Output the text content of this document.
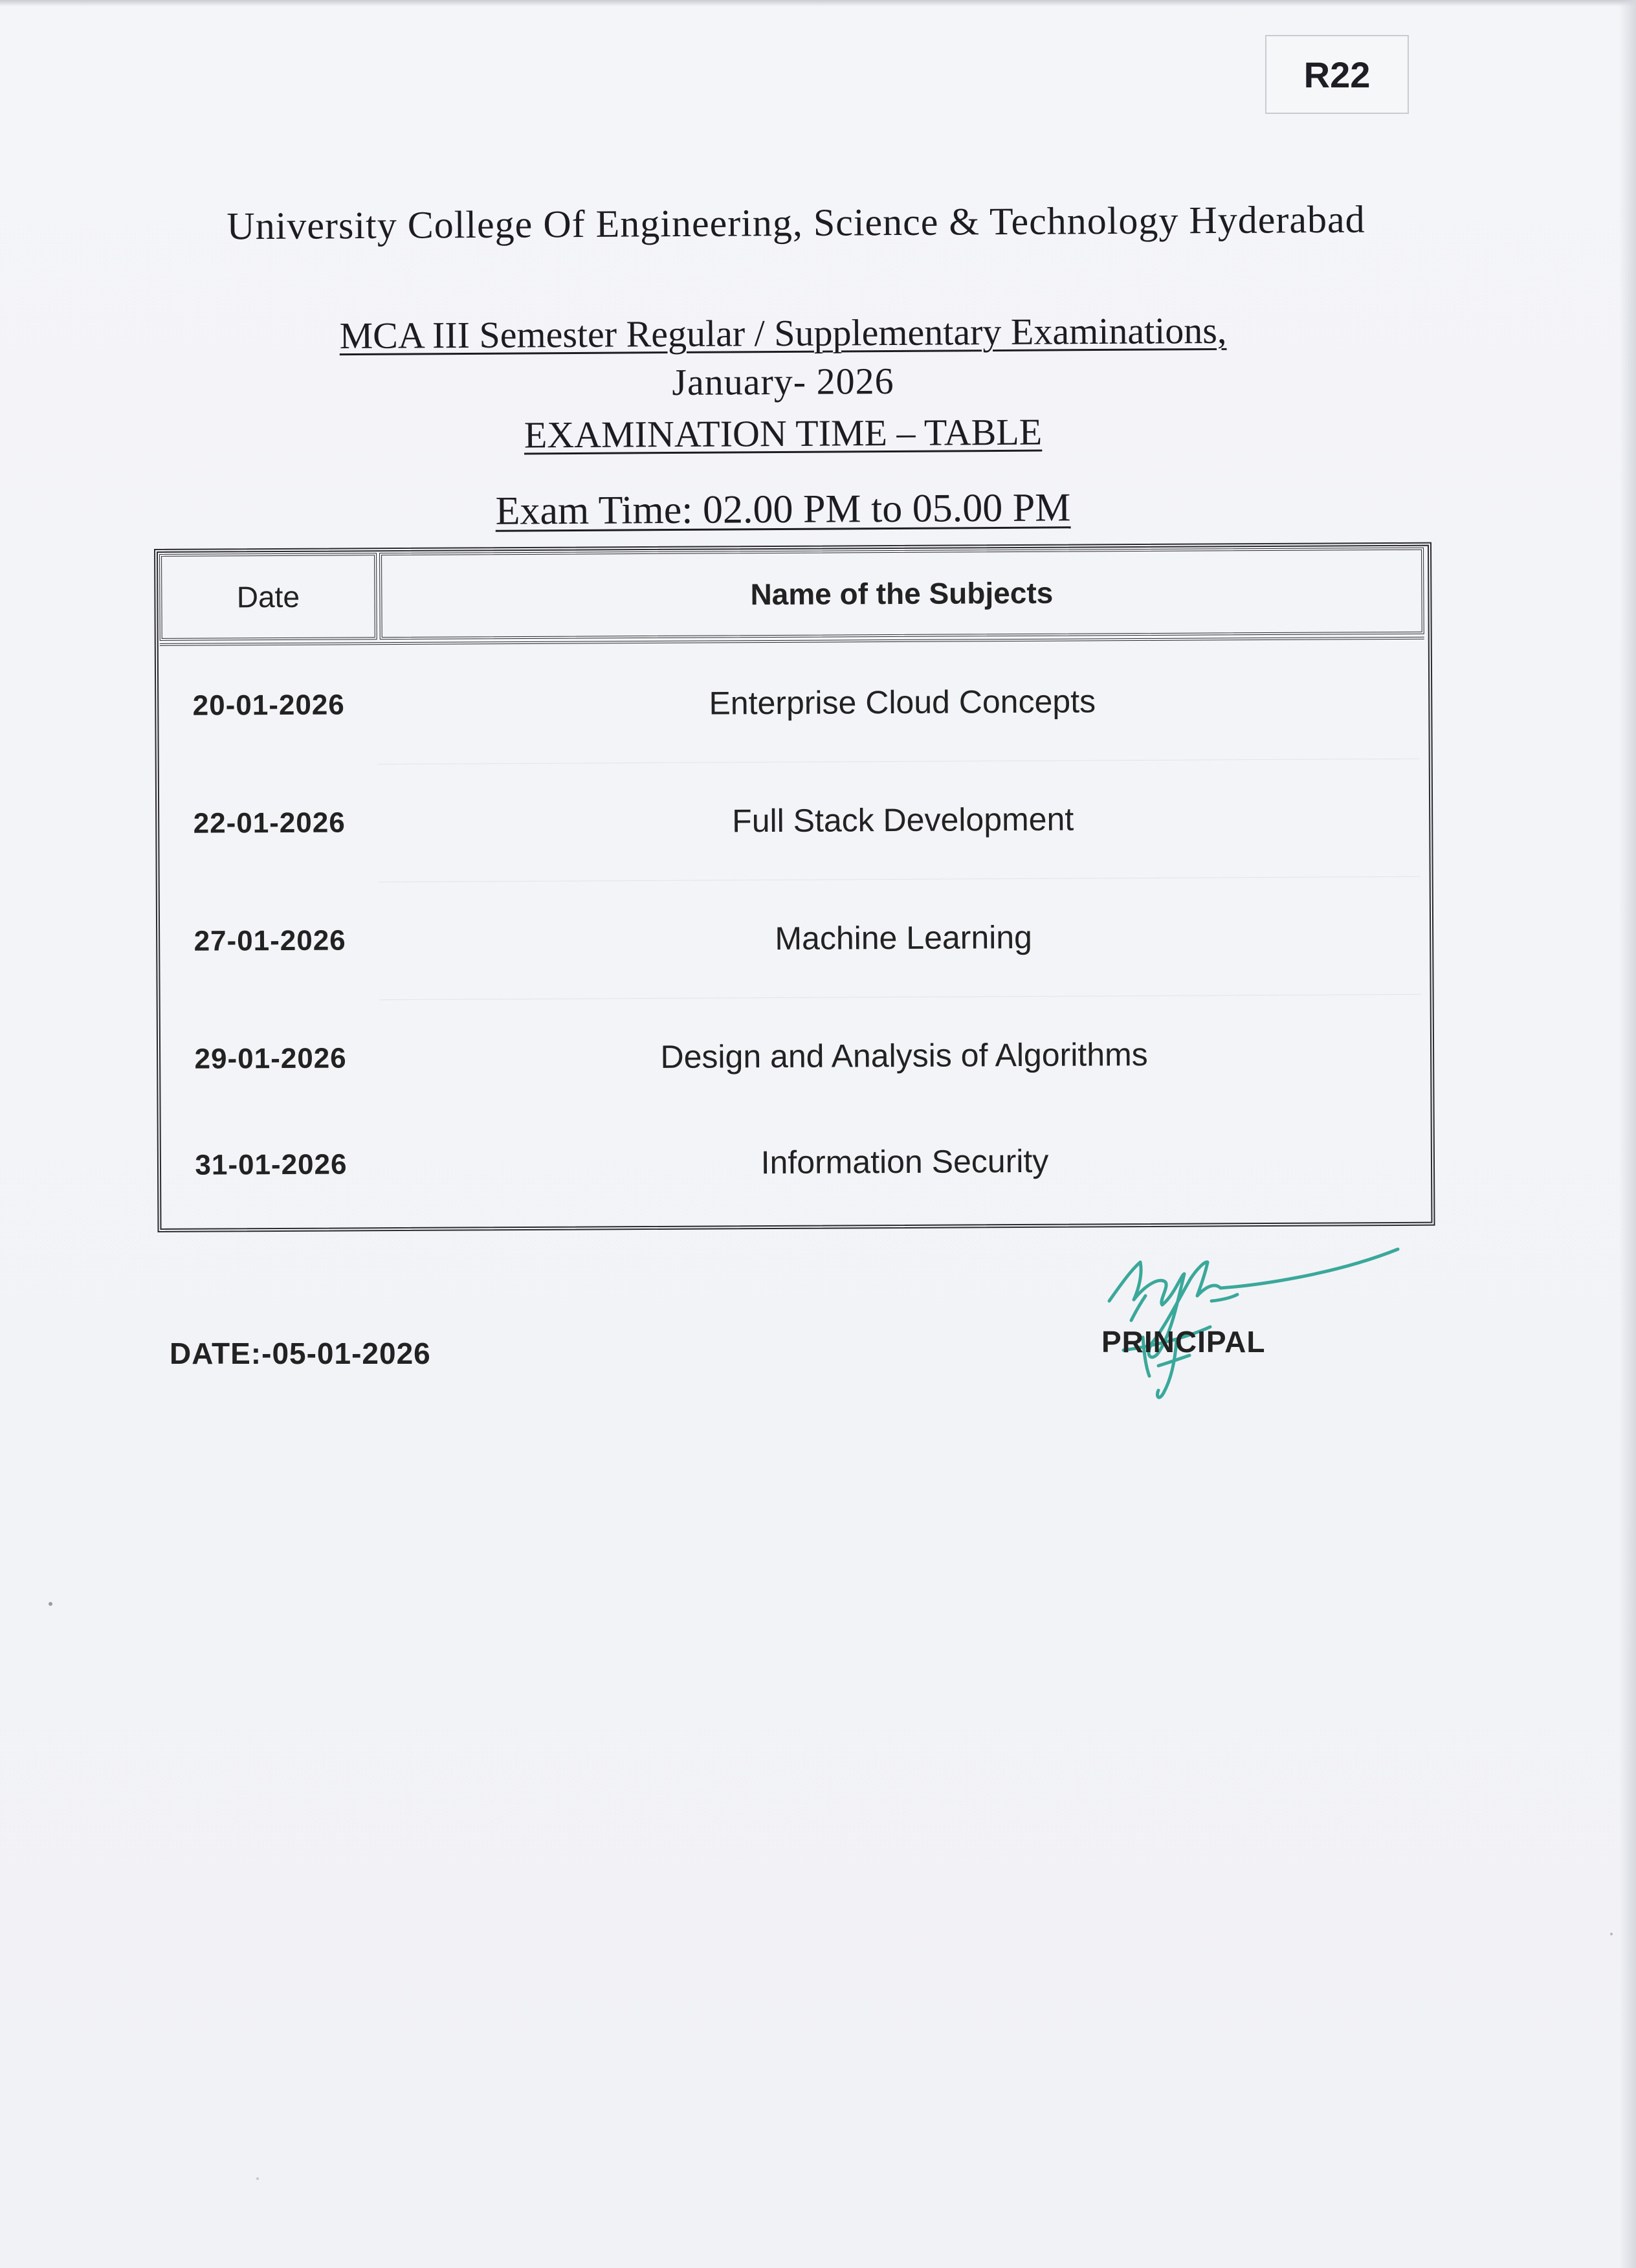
R22
University College Of Engineering, Science & Technology Hyderabad
MCA III Semester Regular / Supplementary Examinations,
January- 2026
EXAMINATION TIME – TABLE
Exam Time: 02.00 PM to 05.00 PM
Date	Name of the Subjects
20-01-2026	Enterprise Cloud Concepts
22-01-2026	Full Stack Development
27-01-2026	Machine Learning
29-01-2026	Design and Analysis of Algorithms
31-01-2026	Information Security
DATE:-05-01-2026	PRINCIPAL
